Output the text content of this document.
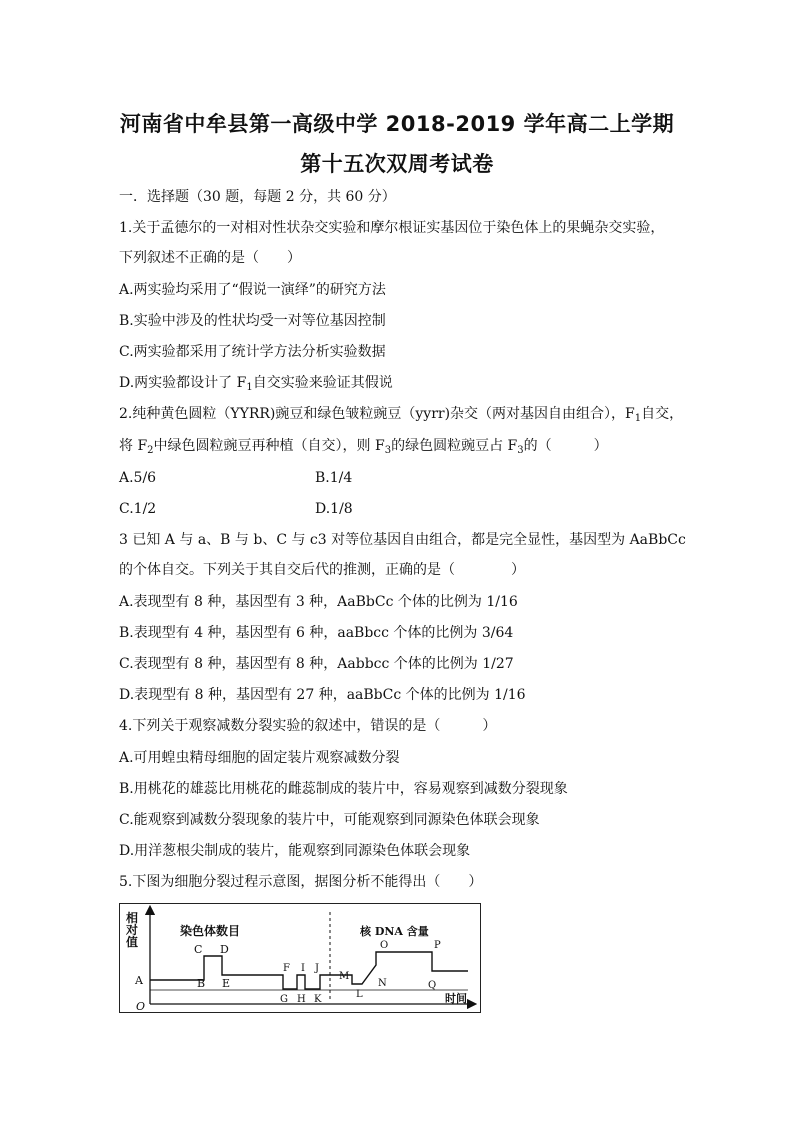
河南省中牟县第一高级中学 2018-2019 学年高二上学期
第十五次双周考试卷
一．选择题（30 题，每题 2 分，共 60 分）
1.关于孟德尔的一对相对性状杂交实验和摩尔根证实基因位于染色体上的果蝇杂交实验，
下列叙述不正确的是（　　）
A.两实验均采用了“假说一演绎”的研究方法
B.实验中涉及的性状均受一对等位基因控制
C.两实验都采用了统计学方法分析实验数据
D.两实验都设计了 $F_1$自交实验来验证其假说
2.纯种黄色圆粒（YYRR)豌豆和绿色皱粒豌豆（yyrr)杂交（两对基因自由组合），$F_1$自交，
将 $F_2$中绿色圆粒豌豆再种植（自交），则 $F_3$的绿色圆粒豌豆占 $F_3$的（　　　）
A.5/6	B.1/4
C.1/2	D.1/8
3 已知 A 与 a、B 与 b、C 与 c3 对等位基因自由组合，都是完全显性，基因型为 AaBbCc
的个体自交。下列关于其自交后代的推测，正确的是（　　　　）
A.表现型有 8 种，基因型有 3 种，AaBbCc 个体的比例为 1/16
B.表现型有 4 种，基因型有 6 种，aaBbcc 个体的比例为 3/64
C.表现型有 8 种，基因型有 8 种，Aabbcc 个体的比例为 1/27
D.表现型有 8 种，基因型有 27 种，aaBbCc 个体的比例为 1/16
4.下列关于观察减数分裂实验的叙述中，错误的是（　　　）
A.可用蝗虫精母细胞的固定装片观察减数分裂
B.用桃花的雄蕊比用桃花的雌蕊制成的装片中，容易观察到减数分裂现象
C.能观察到减数分裂现象的装片中，可能观察到同源染色体联会现象
D.用洋葱根尖制成的装片，能观察到同源染色体联会现象
5.下图为细胞分裂过程示意图，据图分析不能得出（　　）
相
对
值
O
A
时间
染色体数目	核 DNA 含量
C D
B E
F I J
G H K
M
L
N
O	P
Q
